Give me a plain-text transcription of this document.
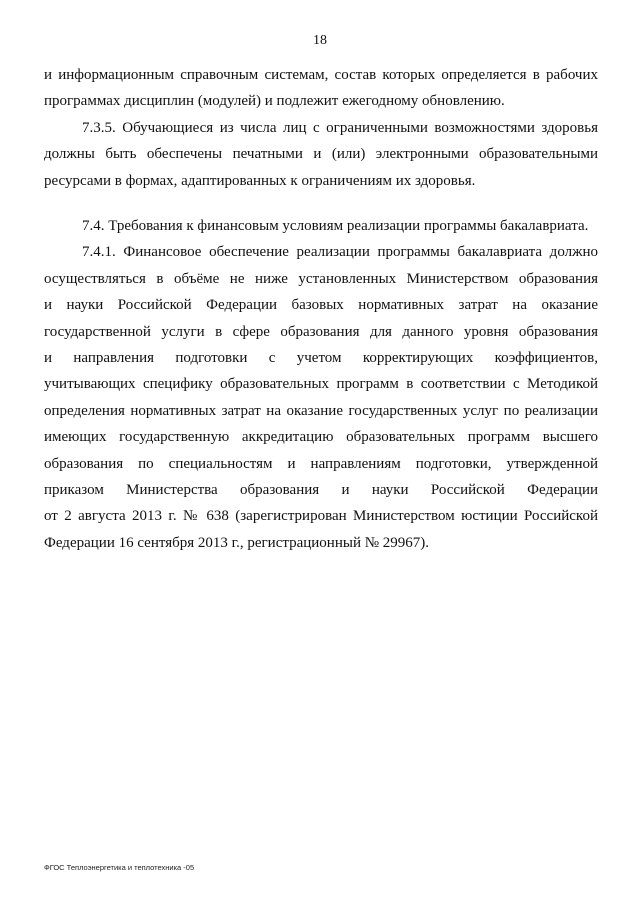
18
и информационным справочным системам, состав которых определяется в рабочих
программах дисциплин (модулей) и подлежит ежегодному обновлению.
7.3.5. Обучающиеся из числа лиц с ограниченными возможностями здоровья
должны быть обеспечены печатными и (или) электронными образовательными
ресурсами в формах, адаптированных к ограничениям их здоровья.
7.4. Требования к финансовым условиям реализации программы бакалавриата.
7.4.1. Финансовое обеспечение реализации программы бакалавриата должно
осуществляться в объёме не ниже установленных Министерством образования
и науки Российской Федерации базовых нормативных затрат на оказание
государственной услуги в сфере образования для данного уровня образования
и направления подготовки с учетом корректирующих коэффициентов,
учитывающих специфику образовательных программ в соответствии с Методикой
определения нормативных затрат на оказание государственных услуг по реализации
имеющих государственную аккредитацию образовательных программ высшего
образования по специальностям и направлениям подготовки, утвержденной
приказом Министерства образования и науки Российской Федерации
от 2 августа 2013 г. № 638 (зарегистрирован Министерством юстиции Российской
Федерации 16 сентября 2013 г., регистрационный № 29967).
ФГОС Теплоэнергетика и теплотехника -05
